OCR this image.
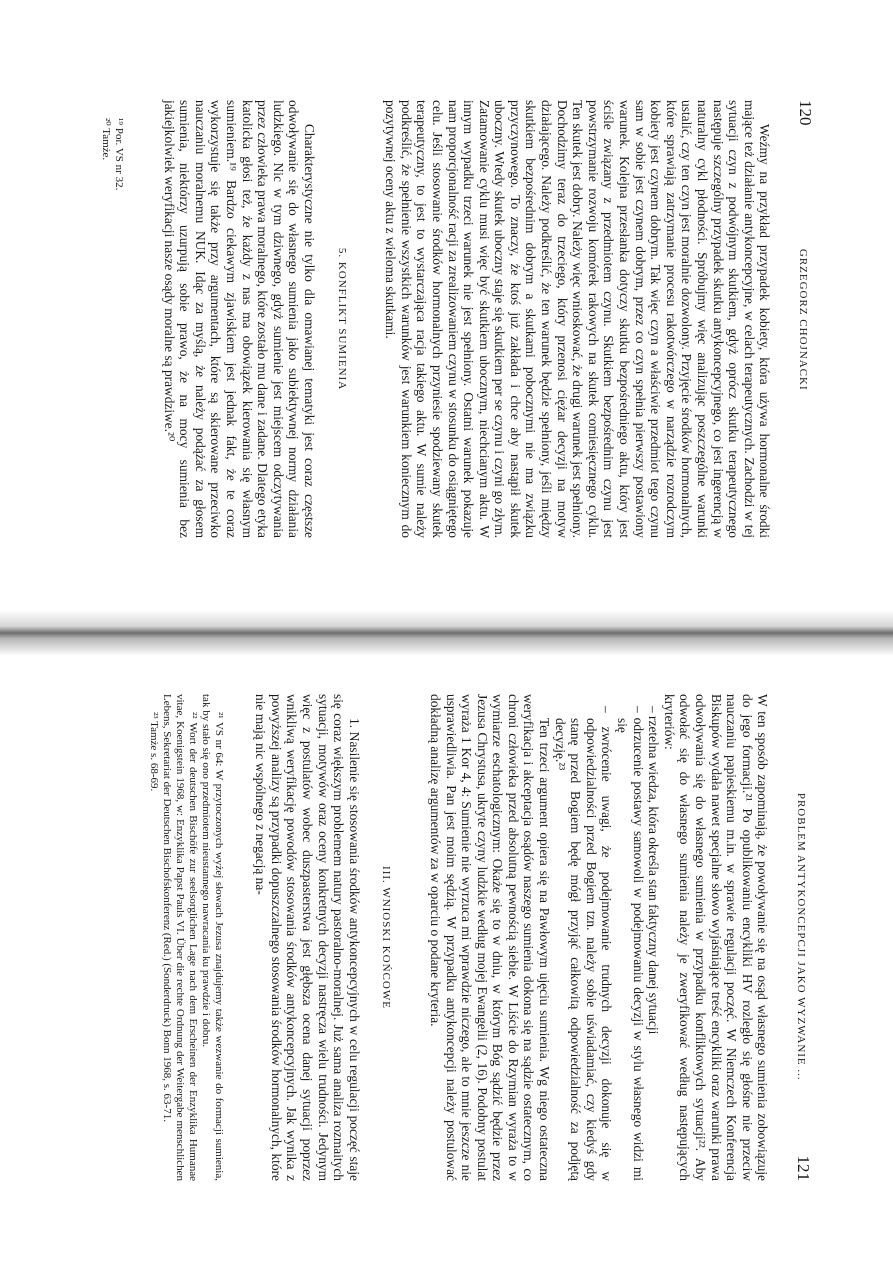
120
GRZEGORZ CHOJNACKI

Weźmy na przykład przypadek kobiety, która używa hormonalne środki mające też działanie antykoncepcyjne, w celach terapeutycznych. Zachodzi w tej sytuacji czyn z podwójnym skutkiem, gdyż oprócz skutku terapeutycznego następuje szczególny przypadek skutku antykoncepcyjnego, co jest ingerencją w naturalny cykl płodności. Spróbujmy więc analizując poszczególne warunki ustalić, czy ten czyn jest moralnie dozwolony. Przyjęcie środków hormonalnych, które sprawiają zatrzymanie procesu rakotwórczego w narządzie rozrodczym kobiety jest czynem dobrym. Tak więc czyn a właściwie przedmiot tego czynu sam w sobie jest czynem dobrym, przez co czyn spełnia pierwszy postawiony warunek. Kolejna przesłanka dotyczy skutku bezpośredniego aktu, który jest ściśle związany z przedmiotem czynu. Skutkiem bezpośrednim czynu jest powstrzymanie rozwoju komórek rakowych na skutek comiesięcznego cyklu. Ten skutek jest dobry. Należy więc wnioskować, że drugi warunek jest spełniony. Dochodzimy teraz do trzeciego, który przenosi ciężar decyzji na motyw działającego. Należy podkreślić, że ten warunek będzie spełniony, jeśli między skutkiem bezpośrednim dobrym a skutkami pobocznymi nie ma związku przyczynowego. To znaczy, że ktoś już zakłada i chce aby nastąpił skutek uboczny. Wtedy skutek uboczny staje się skutkiem per se czynu i czyni go złym. Zatamowanie cyklu musi więc być skutkiem ubocznym, niechcianym aktu. W innym wypadku trzeci warunek nie jest spełniony. Ostatni warunek pokazuje nam proporcjonalność racji za zrealizowaniem czynu w stosunku do osiągniętego celu. Jeśli stosowanie środków hormonalnych przyniesie spodziewany skutek terapeutyczny, to jest to wystarczająca racja takiego aktu. W sumie należy podkreślić, że spełnienie wszystkich warunków jest warunkiem koniecznym do pozytywnej oceny aktu z wieloma skutkami.

5. KONFLIKT SUMIENIA

Charakterystyczne nie tylko dla omawianej tematyki jest coraz częstsze odwoływanie się do własnego sumienia jako subiektywnej normy działania ludzkiego. Nic w tym dziwnego, gdyż sumienie jest miejscem odczytywania przez człowieka prawa moralnego, które zostało mu dane i zadane. Dlatego etyka katolicka głosi też, że każdy z nas ma obowiązek kierowania się własnym sumieniem.¹⁹ Bardzo ciekawym zjawiskiem jest jednak fakt, że te coraz wykorzystuje się także przy argumentach, które są skierowane przeciwko nauczaniu moralnemu NUK. Idąc za myślą, że należy podążać za głosem sumienia, niektórzy uzurpują sobie prawo, że na mocy sumienia bez jakiejkolwiek weryfikacji nasze osądy moralne są prawdziwe.²⁰

¹⁹ Por. VS nr 32.
²⁰ Tamże.
PROBLEM ANTYKONCEPCJI JAKO WYZWANIE ...
121

W ten sposób zapominają, że powoływanie się na osąd własnego sumienia zobowiązuje do jego formacji.²¹ Po opublikowaniu encykliki HV rozległo się głośne nie przeciw nauczaniu papieskiemu m.in. w sprawie regulacji poczęć. W Niemczech Konferencja Biskupów wydała nawet specjalne słowo wyjaśniające treść encykliki oraz warunki prawa odwoływania się do własnego sumienia w przypadku konfliktowych sytuacji²². Aby odwołać się do własnego sumienia należy je zweryfikować według następujących kryteriów:

– rzetelna wiedza, która określa stan faktyczny danej sytuacji
– odrzucenie postawy samowoli w podejmowaniu decyzji w stylu własnego widzi mi się
– zwrócenie uwagi, że podejmowanie trudnych decyzji dokonuje się w odpowiedzialności przed Bogiem tzn. należy sobie uświadamiać, czy kiedyś gdy stanę przed Bogiem będę mógł przyjąć całkowitą odpowiedzialność za podjętą decyzję.²³

Ten trzeci argument opiera się na Pawłowym ujęciu sumienia. Wg niego ostateczna weryfikacja i akceptacja osądów naszego sumienia dokona się na sądzie ostatecznym, co chroni człowieka przed absolutną pewnością siebie. W Liście do Rzymian wyraża to w wymiarze eschatologicznym: Okaże się to w dniu, w którym Bóg sądzić będzie przez Jezusa Chrystusa, ukryte czyny ludzkie według mojej Ewangelii (2, 16). Podobny postulat wyraża 1 Kor 4, 4: Sumienie nie wyrzuca mi wprawdzie niczego, ale to mnie jeszcze nie usprawiedliwia. Pan jest moim sędzią. W przypadku antykoncepcji należy postulować dokładną analizę argumentów za w oparciu o podane kryteria.

III. WNIOSKI KOŃCOWE

1. Nasilenie się stosowania środków antykoncepcyjnych w celu regulacji poczęć staje się coraz większym problemem natury pastoralno-moralnej. Już sama analiza rozmaitych sytuacji, motywów oraz oceny konkretnych decyzji nastręcza wielu trudności. Jedynym więc z postulatów wobec duszpasterstwa jest głębsza ocena danej sytuacji poprzez wnikliwą weryfikację powodów stosowania środków antykoncepcyjnych. Jak wynika z powyższej analizy są przypadki dopuszczalnego stosowania środków hormonalnych, które nie mają nic wspólnego z negacją na-

²¹ VS nr 64: W przytoczonych wyżej słowach Jezusa znajdujemy także wezwanie do formacji sumienia, tak by stało się ono przedmiotem nieustannego nawracania ku prawdzie i dobru.
²² Wort der deutschen Bischöfe zur seelsorglichen Lage nach dem Erscheinen der Enzyklika Humanae vitae, Koenigstein 1968, w: Enzyklika Papst Pauls VI. Über die rechte Ordnung der Weitergabe menschlichen Lebens, Sekretariat der Deutschen Bischofskonferenz (Red.) (Sonderdruck) Bonn 1968, s. 63-71.
²³ Tamże s. 68-69.
